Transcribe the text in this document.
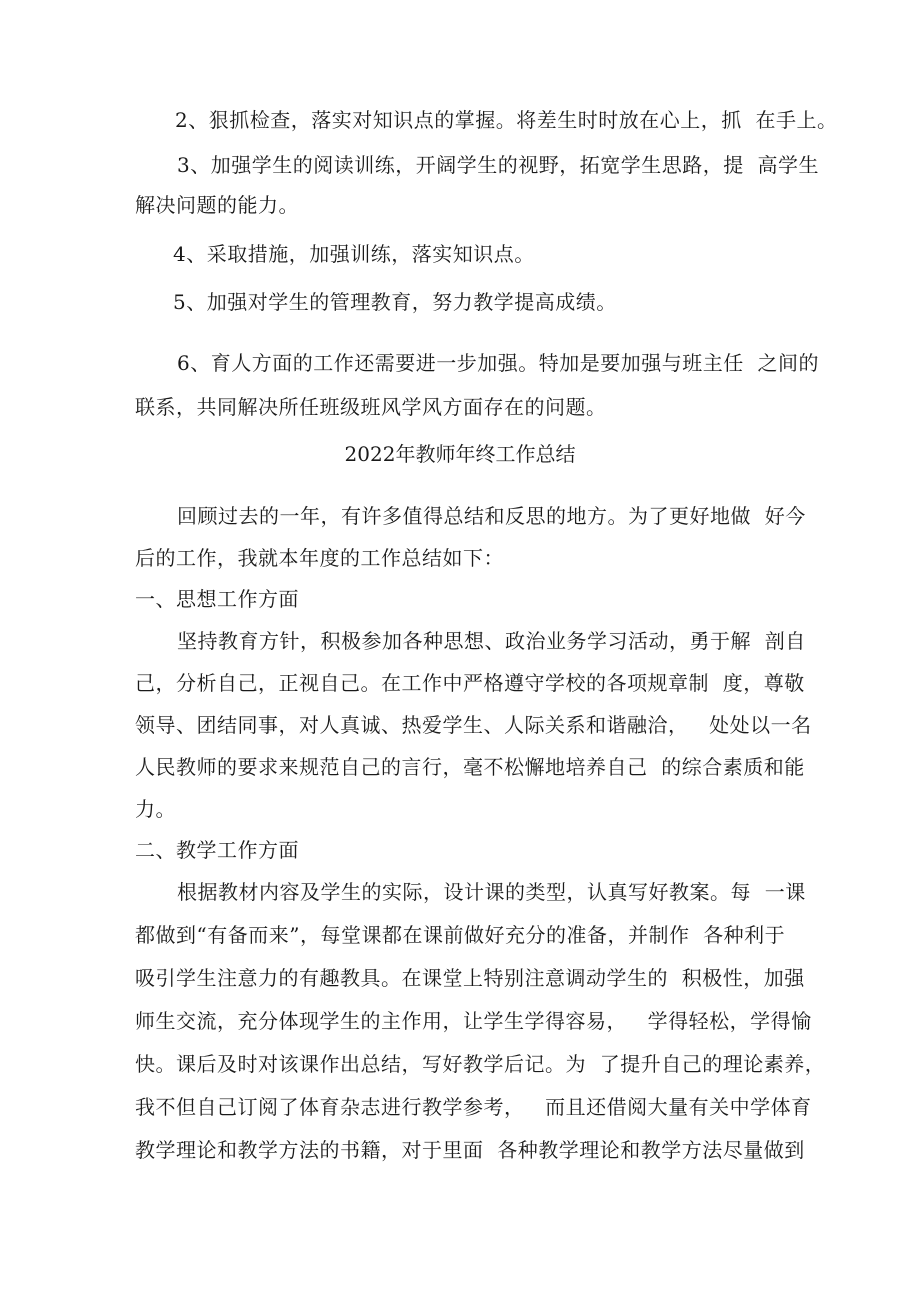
2、狠抓检查，落实对知识点的掌握。将差生时时放在心上，抓  在手上。
3、加强学生的阅读训练，开阔学生的视野，拓宽学生思路，提  高学生
解决问题的能力。
4、采取措施，加强训练，落实知识点。
5、加强对学生的管理教育，努力教学提高成绩。
6、育人方面的工作还需要进一步加强。特加是要加强与班主任  之间的
联系，共同解决所任班级班风学风方面存在的问题。
2022年教师年终工作总结
回顾过去的一年，有许多值得总结和反思的地方。为了更好地做  好今
后的工作，我就本年度的工作总结如下：
一、思想工作方面
坚持教育方针，积极参加各种思想、政治业务学习活动，勇于解  剖自
己，分析自己，正视自己。在工作中严格遵守学校的各项规章制  度，尊敬
领导、团结同事，对人真诚、热爱学生、人际关系和谐融洽，   处处以一名
人民教师的要求来规范自己的言行，毫不松懈地培养自己  的综合素质和能
力。
二、教学工作方面
根据教材内容及学生的实际，设计课的类型，认真写好教案。每  一课
都做到“有备而来”，每堂课都在课前做好充分的准备，并制作  各种利于
吸引学生注意力的有趣教具。在课堂上特别注意调动学生的  积极性，加强
师生交流，充分体现学生的主作用，让学生学得容易，   学得轻松，学得愉
快。课后及时对该课作出总结，写好教学后记。为  了提升自己的理论素养，
我不但自己订阅了体育杂志进行教学参考，   而且还借阅大量有关中学体育
教学理论和教学方法的书籍，对于里面  各种教学理论和教学方法尽量做到
